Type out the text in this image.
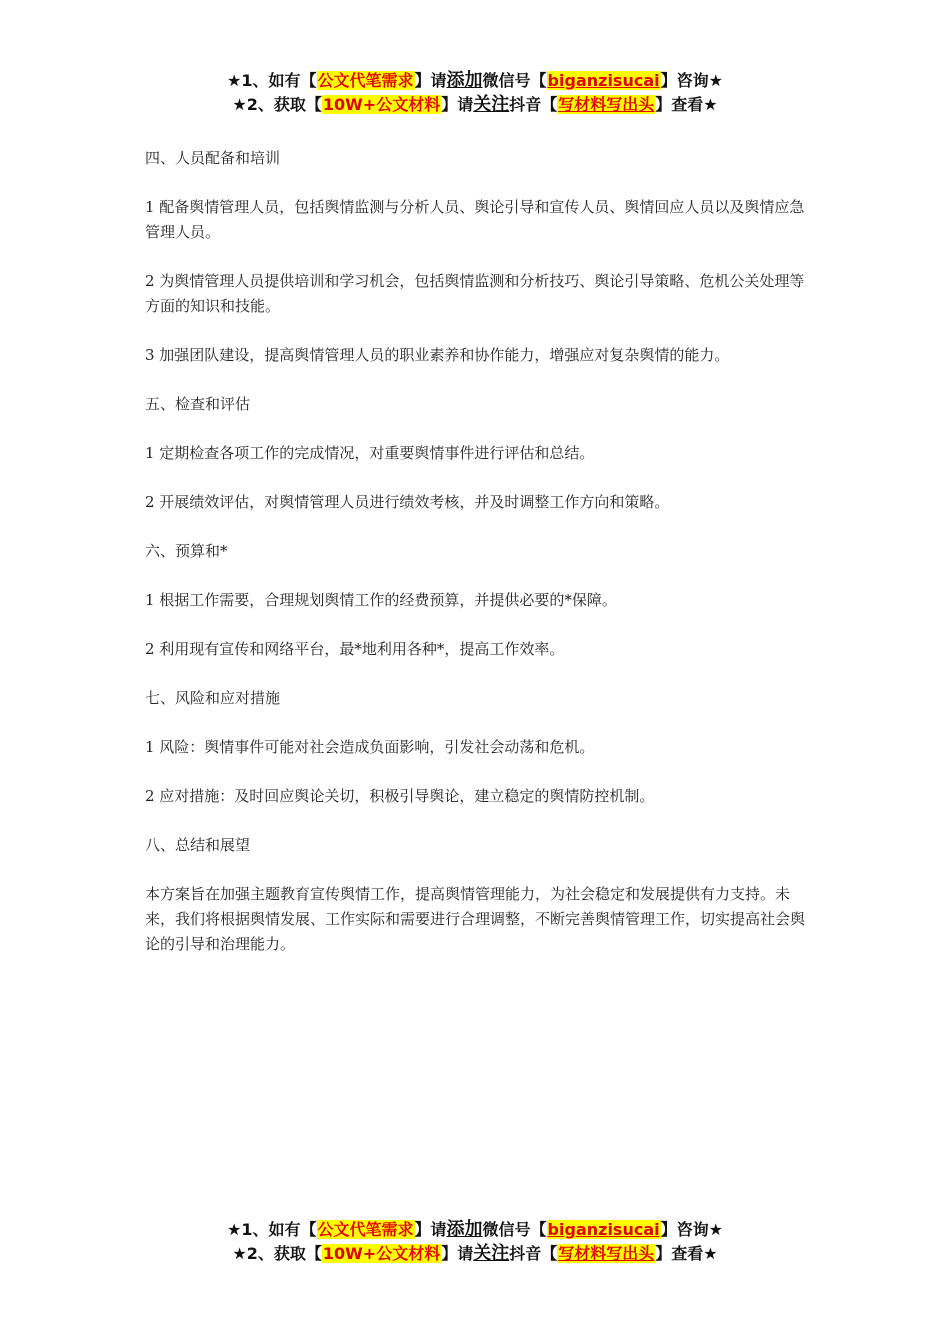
★1、如有【公文代笔需求】请添加微信号【biganzisucai】咨询★
★2、获取【10W+公文材料】请关注抖音【写材料写出头】查看★

四、人员配备和培训

1 配备舆情管理人员，包括舆情监测与分析人员、舆论引导和宣传人员、舆情回应人员以及舆情应急管理人员。

2 为舆情管理人员提供培训和学习机会，包括舆情监测和分析技巧、舆论引导策略、危机公关处理等方面的知识和技能。

3 加强团队建设，提高舆情管理人员的职业素养和协作能力，增强应对复杂舆情的能力。

五、检查和评估

1 定期检查各项工作的完成情况，对重要舆情事件进行评估和总结。

2 开展绩效评估，对舆情管理人员进行绩效考核，并及时调整工作方向和策略。

六、预算和*

1 根据工作需要，合理规划舆情工作的经费预算，并提供必要的*保障。

2 利用现有宣传和网络平台，最*地利用各种*，提高工作效率。

七、风险和应对措施

1 风险：舆情事件可能对社会造成负面影响，引发社会动荡和危机。

2 应对措施：及时回应舆论关切，积极引导舆论，建立稳定的舆情防控机制。

八、总结和展望

本方案旨在加强主题教育宣传舆情工作，提高舆情管理能力，为社会稳定和发展提供有力支持。未来，我们将根据舆情发展、工作实际和需要进行合理调整，不断完善舆情管理工作，切实提高社会舆论的引导和治理能力。

★1、如有【公文代笔需求】请添加微信号【biganzisucai】咨询★
★2、获取【10W+公文材料】请关注抖音【写材料写出头】查看★
